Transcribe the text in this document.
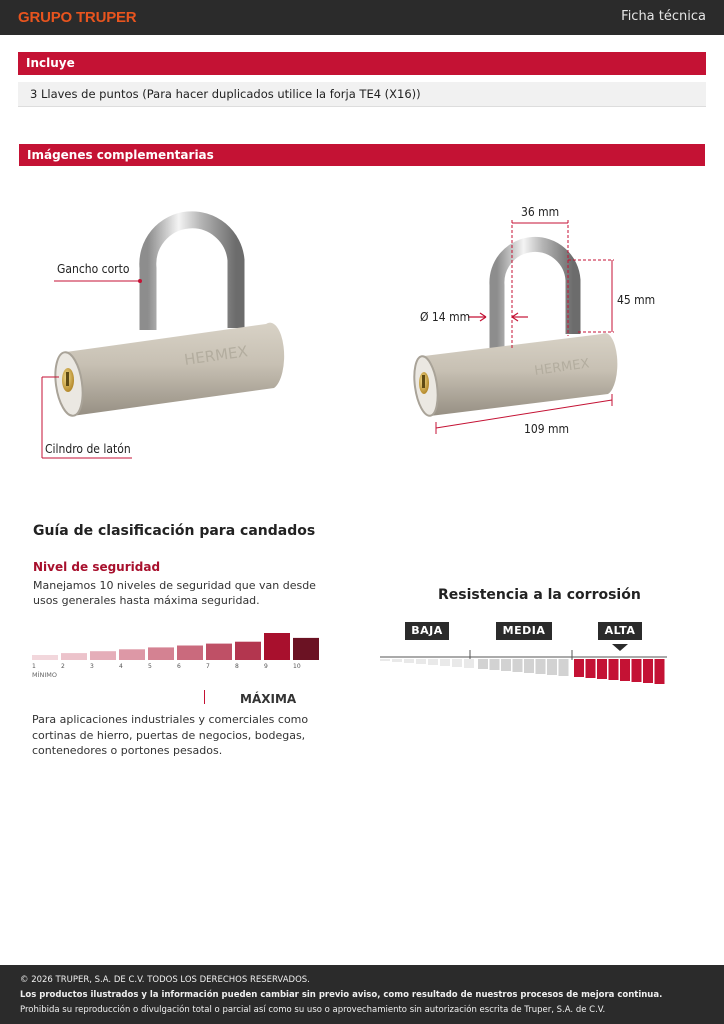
GRUPO TRUPER	Ficha técnica
Incluye
3 Llaves de puntos (Para hacer duplicados utilice la forja TE4 (X16))
Imágenes complementarias
HERMEX
Gancho corto
Cilndro de latón
HERMEX
36 mm
45 mm
Ø 14 mm
109 mm
Guía de clasificación para candados
Nivel de seguridad
Manejamos 10 niveles de seguridad que van desde usos generales hasta máxima seguridad.
1	2	3	4	5	6	7	8	9	10
MÍNIMO
MÁXIMA
Para aplicaciones industriales y comerciales como cortinas de hierro, puertas de negocios, bodegas, contenedores o portones pesados.
Resistencia a la corrosión
BAJA	MEDIA	ALTA
© 2026 TRUPER, S.A. DE C.V. TODOS LOS DERECHOS RESERVADOS.
Los productos ilustrados y la información pueden cambiar sin previo aviso, como resultado de nuestros procesos de mejora continua.
Prohibida su reproducción o divulgación total o parcial así como su uso o aprovechamiento sin autorización escrita de Truper, S.A. de C.V.
